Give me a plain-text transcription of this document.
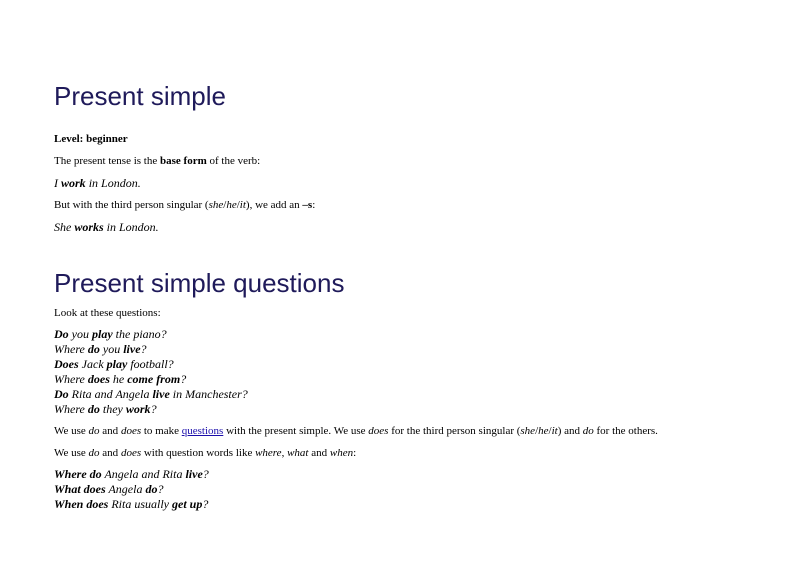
Present simple

Level: beginner

The present tense is the base form of the verb:

I work in London.

But with the third person singular (she/he/it), we add an –s:

She works in London.

Present simple questions

Look at these questions:

Do you play the piano?

Where do you live?

Does Jack play football?

Where does he come from?

Do Rita and Angela live in Manchester?

Where do they work?

We use do and does to make questions with the present simple. We use does for the third person singular (she/he/it) and do for the others.

We use do and does with question words like where, what and when:

Where do Angela and Rita live?

What does Angela do?

When does Rita usually get up?
